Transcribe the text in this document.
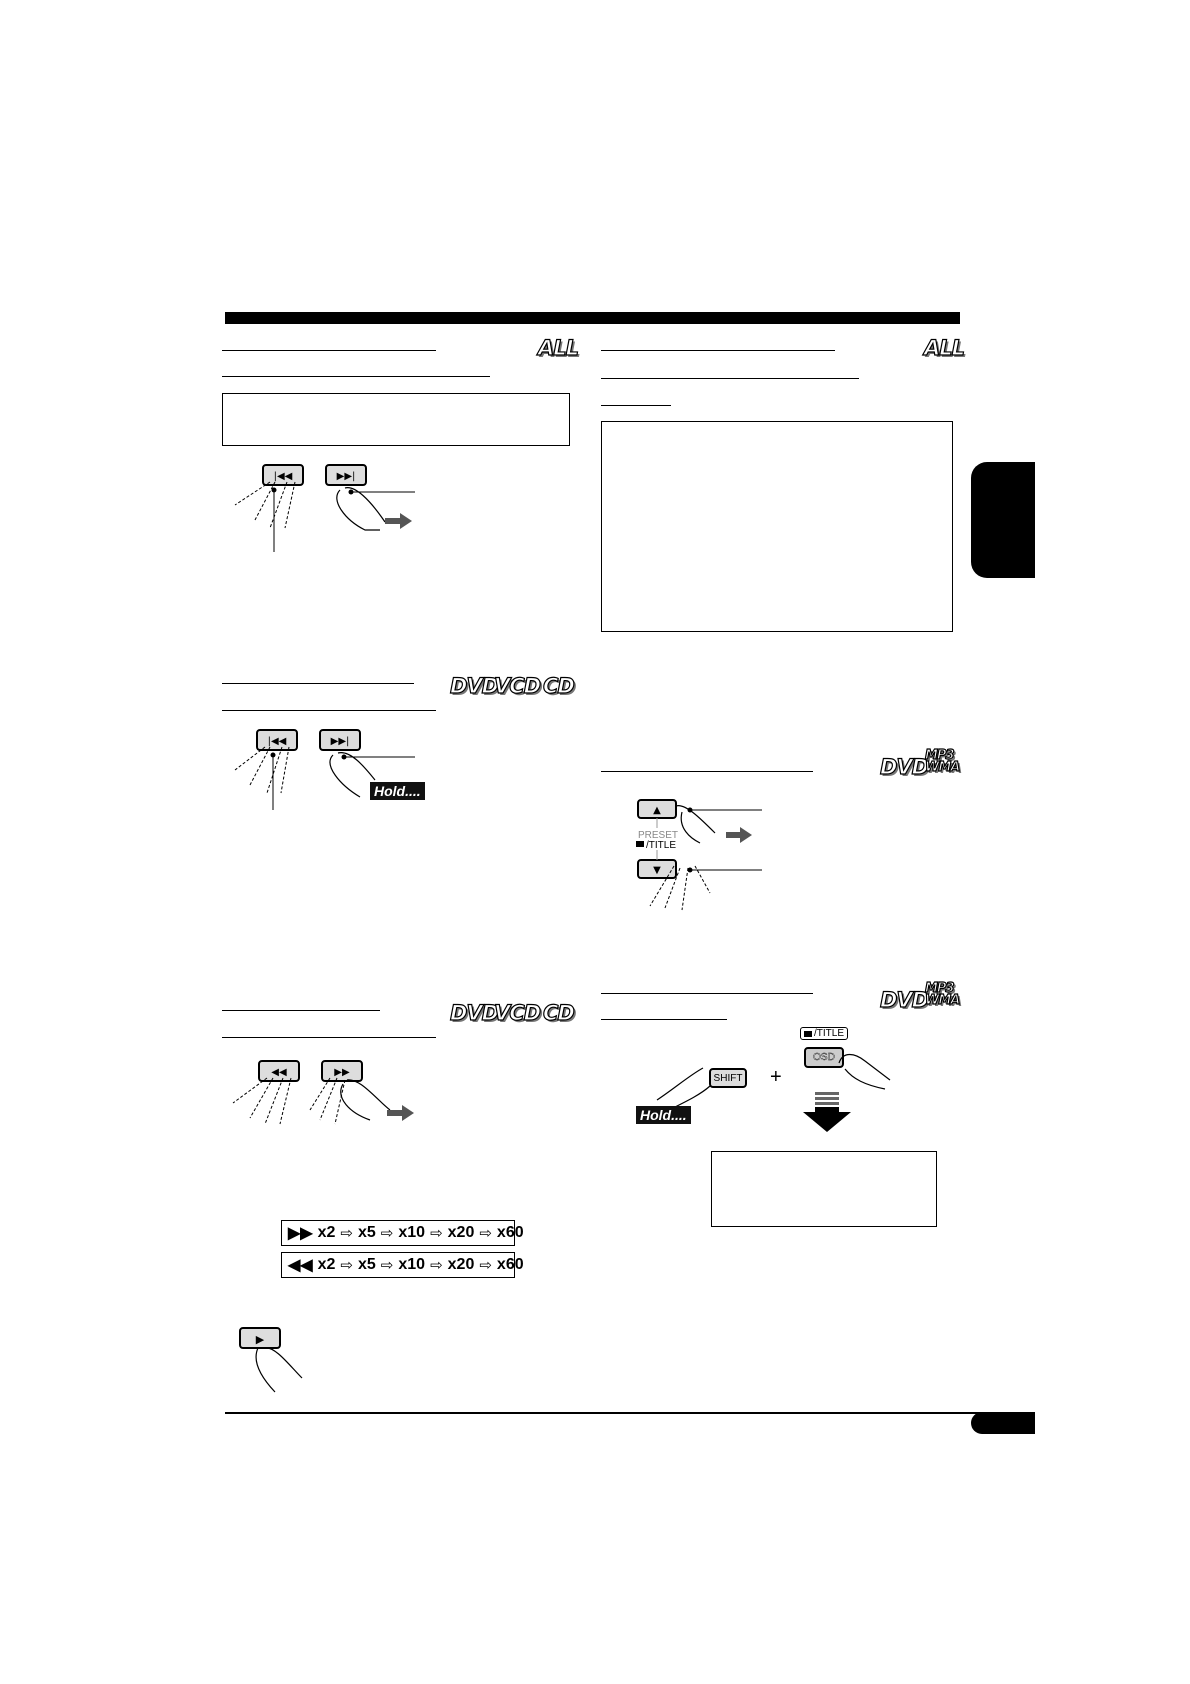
ALL
|◀◀	▶▶|
DVD
VCD CD
|◀◀	▶▶|
Hold....
DVD
VCD CD
◀◀	▶▶
▶▶ x2 ⇨ x5 ⇨ x10 ⇨ x20 ⇨ x60
◀◀ x2 ⇨ x5 ⇨ x10 ⇨ x20 ⇨ x60
▶
ALL
DVD
MP3
WMA
▲
▼
PRESET
/TITLE
DVD
MP3
WMA
SHIFT
Hold....
+
/TITLE
OSD
